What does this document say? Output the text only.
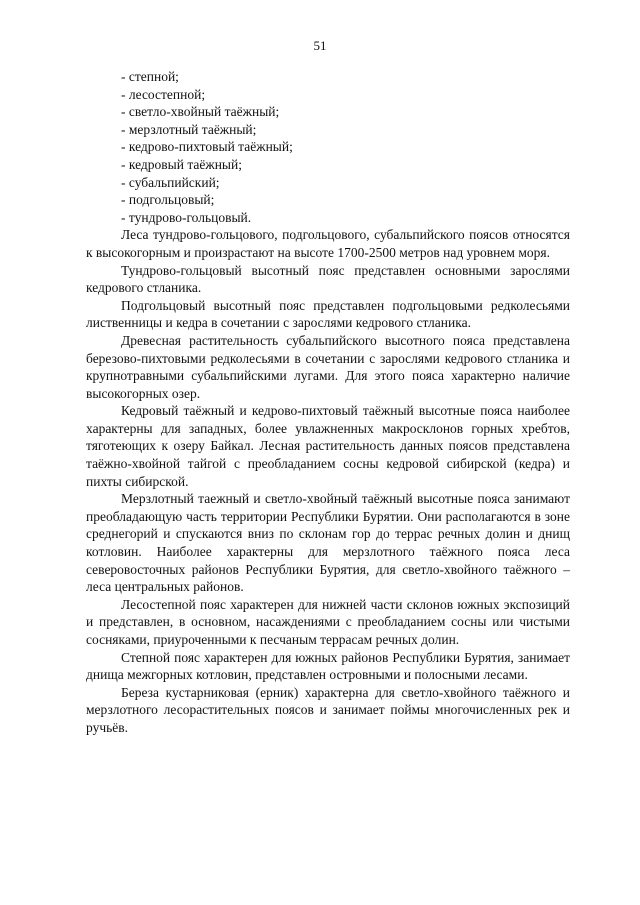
51
- степной;
- лесостепной;
- светло-хвойный таёжный;
- мерзлотный таёжный;
- кедрово-пихтовый таёжный;
- кедровый таёжный;
- субальпийский;
- подгольцовый;
- тундрово-гольцовый.

Леса тундрово-гольцового, подгольцового, субальпийского поясов относятся к высокогорным и произрастают на высоте 1700-2500 метров над уровнем моря.

Тундрово-гольцовый высотный пояс представлен основными зарослями кедрового стланика.

Подгольцовый высотный пояс представлен подгольцовыми редколесьями лиственницы и кедра в сочетании с зарослями кедрового стланика.

Древесная растительность субальпийского высотного пояса представлена березово-пихтовыми редколесьями в сочетании с зарослями кедрового стланика и крупнотравными субальпийскими лугами. Для этого пояса характерно наличие высокогорных озер.

Кедровый таёжный и кедрово-пихтовый таёжный высотные пояса наиболее характерны для западных, более увлажненных макросклонов горных хребтов, тяготеющих к озеру Байкал. Лесная растительность данных поясов представлена таёжно-хвойной тайгой с преобладанием сосны кедровой сибирской (кедра) и пихты сибирской.

Мерзлотный таежный и светло-хвойный таёжный высотные пояса занимают преобладающую часть территории Республики Бурятии. Они располагаются в зоне среднегорий и спускаются вниз по склонам гор до террас речных долин и днищ котловин. Наиболее характерны для мерзлотного таёжного пояса леса северовосточных районов Республики Бурятия, для светло-хвойного таёжного – леса центральных районов.

Лесостепной пояс характерен для нижней части склонов южных экспозиций и представлен, в основном, насаждениями с преобладанием сосны или чистыми сосняками, приуроченными к песчаным террасам речных долин.

Степной пояс характерен для южных районов Республики Бурятия, занимает днища межгорных котловин, представлен островными и полосными лесами.

Береза кустарниковая (ерник) характерна для светло-хвойного таёжного и мерзлотного лесорастительных поясов и занимает поймы многочисленных рек и ручьёв.
